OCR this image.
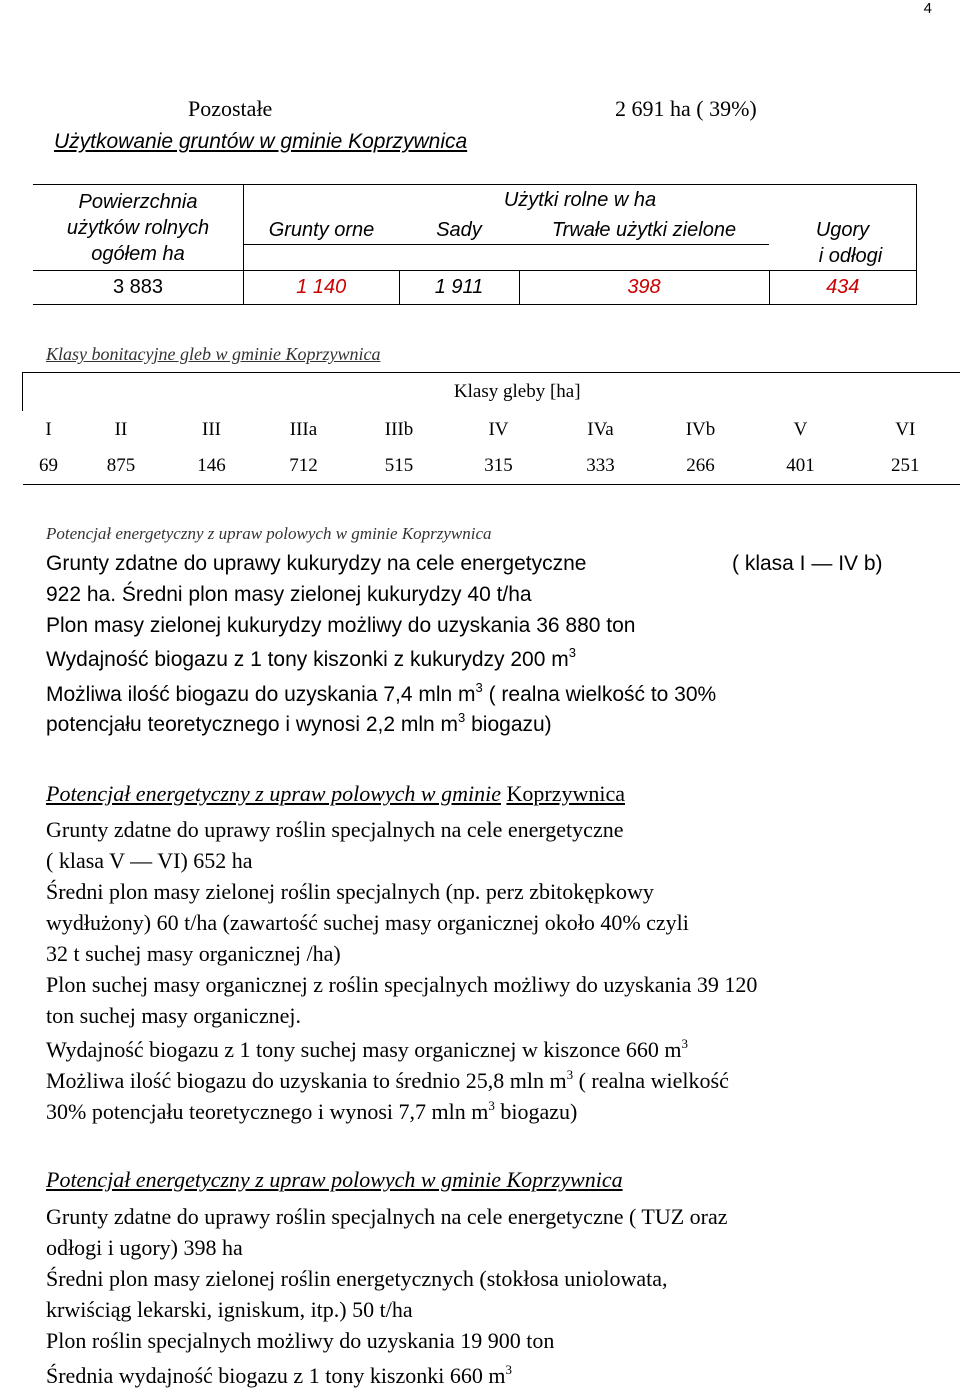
4
Pozostałe	2 691 ha ( 39%)
Użytkowanie gruntów w gminie Koprzywnica
Powierzchnia
użytków rolnych
ogółem ha	Użytki rolne w ha			
	Grunty orne	Sady	Trwałe użytki zielone	Ugory
i odłogi

3 883	1 140	1 911	398	434
Klasy bonitacyjne gleb w gminie Koprzywnica
	Klasy gleby [ha]								
I	II	III	IIIa	IIIb	IV	IVa	IVb	V	VI
69	875	146	712	515	315	333	266	401	251
Potencjał energetyczny z upraw polowych w gminie Koprzywnica
Grunty zdatne do uprawy kukurydzy na cele energetyczne	( klasa I — IV b)
922 ha. Średni plon masy zielonej kukurydzy 40 t/ha
Plon masy zielonej kukurydzy możliwy do uzyskania 36 880 ton
Wydajność biogazu z 1 tony kiszonki z kukurydzy 200 $m^3$
Możliwa ilość biogazu do uzyskania 7,4 mln $m^3$ ( realna wielkość to 30%
potencjału teoretycznego i wynosi 2,2 mln $m^3$ biogazu)
Potencjał energetyczny z upraw polowych w gminie Koprzywnica
Grunty zdatne do uprawy roślin specjalnych na cele energetyczne
( klasa V — VI) 652 ha
Średni plon masy zielonej roślin specjalnych (np. perz zbitokępkowy
wydłużony) 60 t/ha (zawartość suchej masy organicznej około 40% czyli
32 t suchej masy organicznej /ha)
Plon suchej masy organicznej z roślin specjalnych możliwy do uzyskania 39 120
ton suchej masy organicznej.
Wydajność biogazu z 1 tony suchej masy organicznej w kiszonce 660 $m^3$
Możliwa ilość biogazu do uzyskania to średnio 25,8 mln $m^3$ ( realna wielkość
30% potencjału teoretycznego i wynosi 7,7 mln $m^3$ biogazu)
Potencjał energetyczny z upraw polowych w gminie Koprzywnica
Grunty zdatne do uprawy roślin specjalnych na cele energetyczne ( TUZ oraz
odłogi i ugory) 398 ha
Średni plon masy zielonej roślin energetycznych (stokłosa uniolowata,
krwiściąg lekarski, igniskum, itp.) 50 t/ha
Plon roślin specjalnych możliwy do uzyskania 19 900 ton
Średnia wydajność biogazu z 1 tony kiszonki 660 $m^3$
